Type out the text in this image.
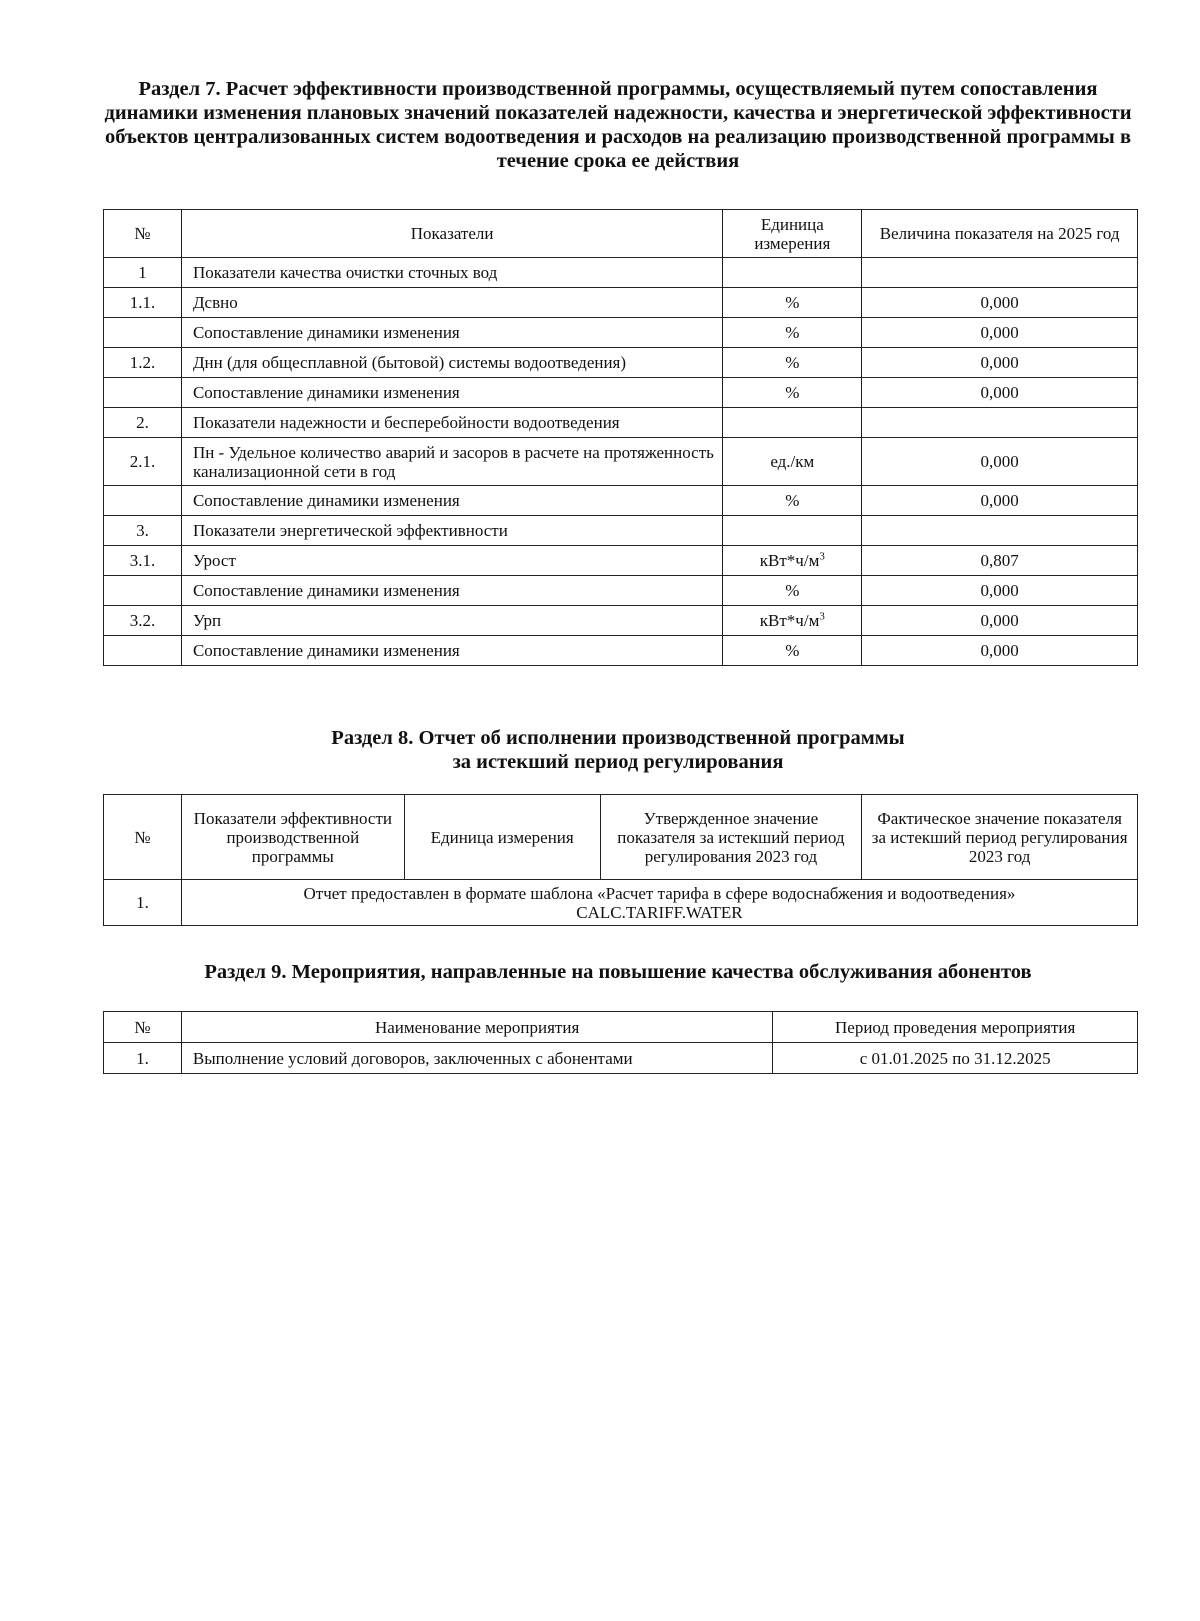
Раздел 7. Расчет эффективности производственной программы, осуществляемый путем сопоставления динамики изменения плановых значений показателей надежности, качества и энергетической эффективности объектов централизованных систем водоотведения и расходов на реализацию производственной программы в течение срока ее действия
№	Показатели	Единица измерения	Величина показателя на 2025 год
1	Показатели качества очистки сточных вод		
1.1.	Дсвно	%	0,000
	Сопоставление динамики изменения	%	0,000
1.2.	Днн (для общесплавной (бытовой) системы водоотведения)	%	0,000
	Сопоставление динамики изменения	%	0,000
2.	Показатели надежности и бесперебойности водоотведения		
2.1.	Пн - Удельное количество аварий и засоров в расчете на протяженность канализационной сети в год	ед./км	0,000
	Сопоставление динамики изменения	%	0,000
3.	Показатели энергетической эффективности		
3.1.	Урост	$кВт*ч/м^3$	0,807
	Сопоставление динамики изменения	%	0,000
3.2.	Урп	$кВт*ч/м^3$	0,000
	Сопоставление динамики изменения	%	0,000
Раздел 8. Отчет об исполнении производственной программы
за истекший период регулирования
№	Показатели эффективности производственной программы	Единица измерения	Утвержденное значение показателя за истекший период регулирования 2023 год	Фактическое значение показателя за истекший период регулирования 2023 год
1.	Отчет предоставлен в формате шаблона «Расчет тарифа в сфере водоснабжения и водоотведения»
CALC.TARIFF.WATER			
Раздел 9. Мероприятия, направленные на повышение качества обслуживания абонентов
№	Наименование мероприятия	Период проведения мероприятия
1.	Выполнение условий договоров, заключенных с абонентами	с 01.01.2025 по 31.12.2025
